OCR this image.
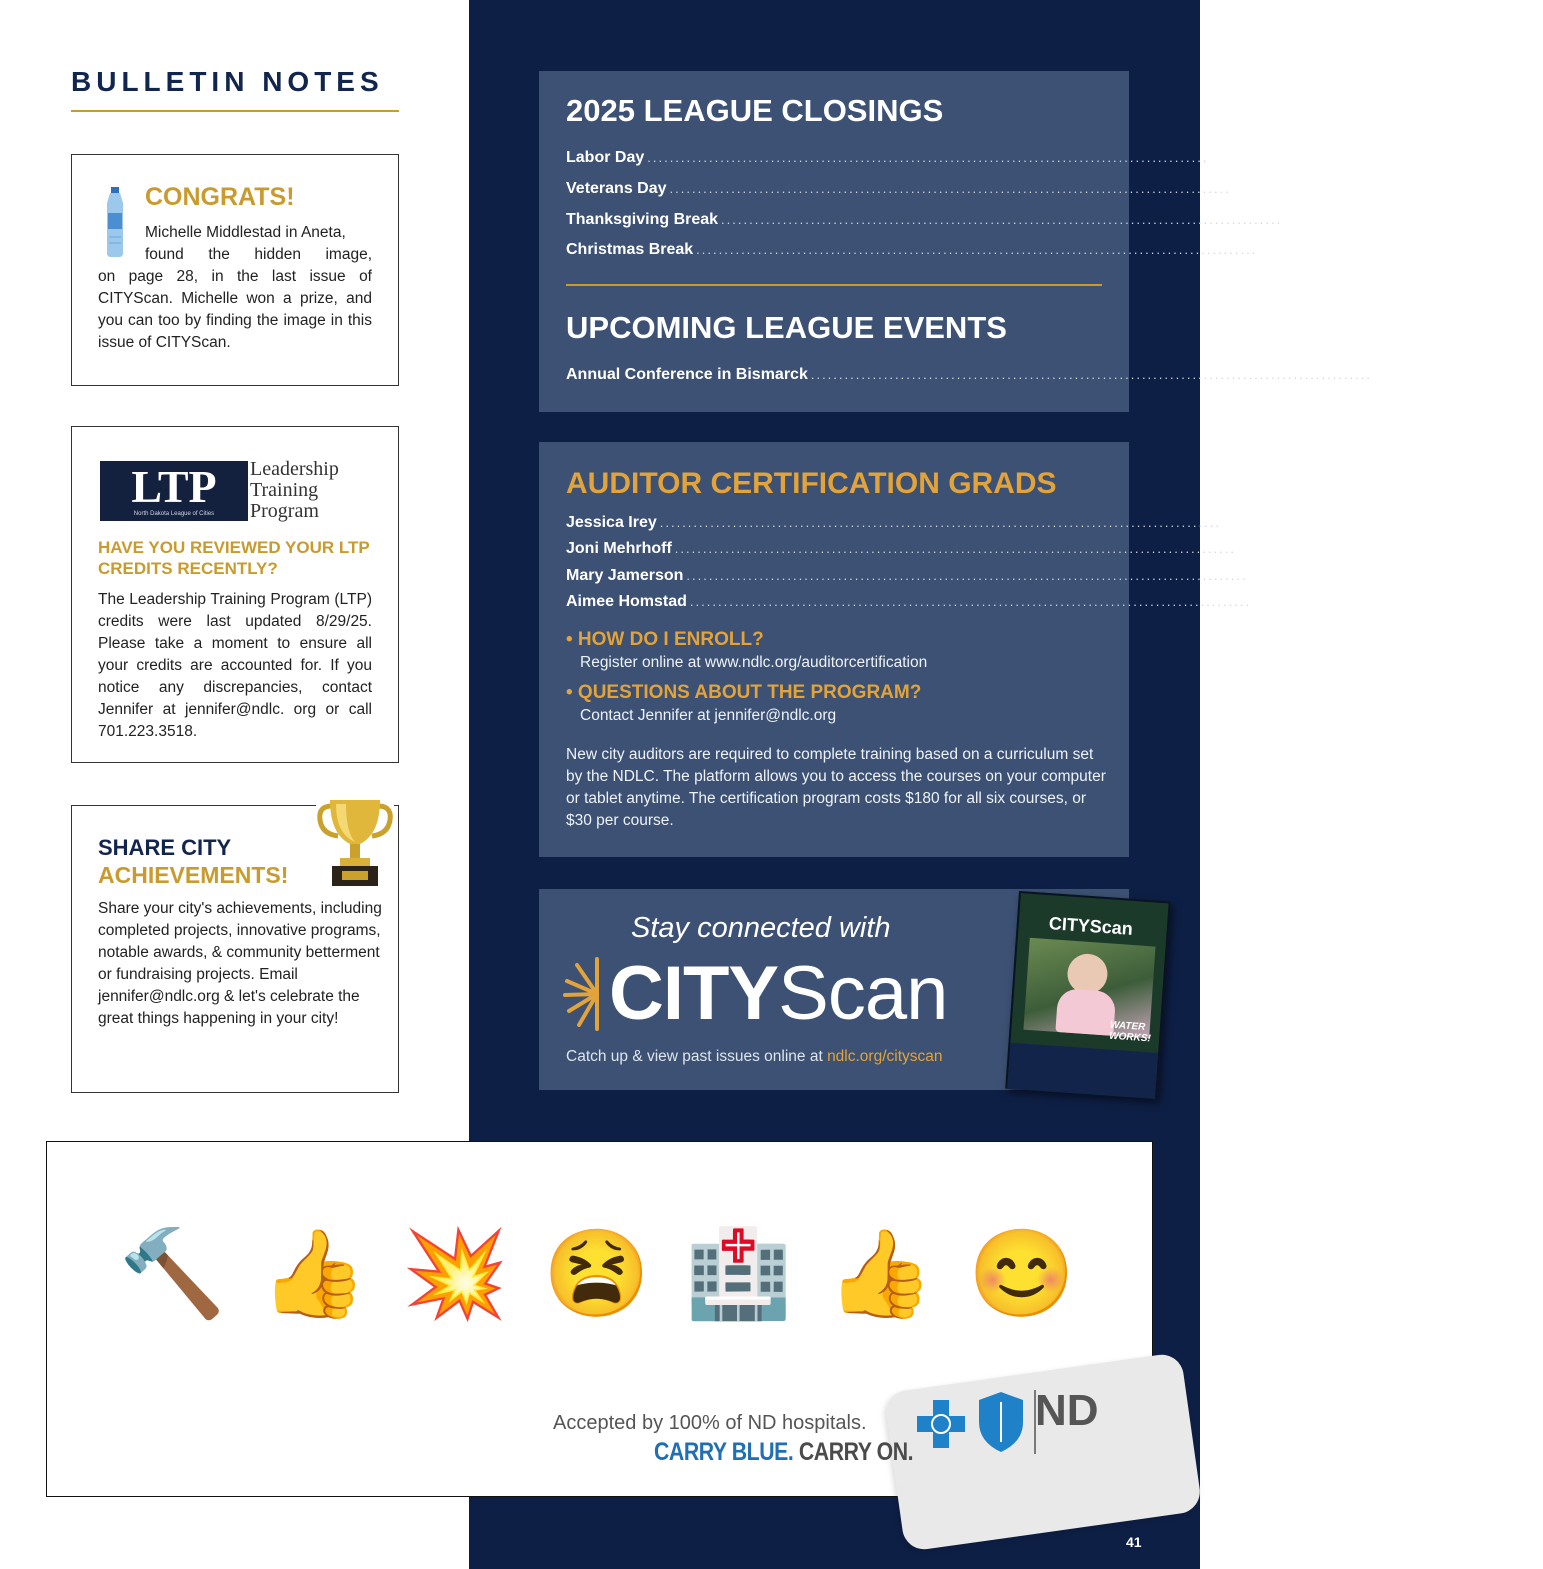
BULLETIN NOTES
CONGRATS!

Michelle Middlestad in Aneta,
found the hidden image,
on page 28, in the last issue of CITYScan. Michelle won a prize, and you can too by finding the image in this issue of CITYScan.

LTP
North Dakota League of Cities
Leadership
Training
Program
HAVE YOU REVIEWED YOUR LTP CREDITS RECENTLY?

The Leadership Training Program (LTP) credits were last updated 8/29/25. Please take a moment to ensure all your credits are accounted for. If you notice any discrepancies, contact Jennifer at jennifer@ndlc. org or call 701.223.3518.

SHARE CITY
ACHIEVEMENTS!

Share your city's achievements, including completed projects, innovative programs, notable awards, & community betterment or fundraising projects. Email jennifer@ndlc.org & let's celebrate the great things happening in your city!

2025 LEAGUE CLOSINGS
Labor Day .................................................................................................... September 1
Veterans Day .................................................................................................... Nov 11
Thanksgiving Break .................................................................................................... Nov 27-28
Christmas Break .................................................................................................... Dec 24-25
UPCOMING LEAGUE EVENTS
Annual Conference in Bismarck .................................................................................................... September 17-19, 2025
AUDITOR CERTIFICATION GRADS
Jessica Irey .................................................................................................... Edgeley
Joni Mehrhoff .................................................................................................... Prairie Rose
Mary Jamerson .................................................................................................... Midwest Assistance Program
Aimee Homstad .................................................................................................... Cavalier
• HOW DO I ENROLL?
Register online at www.ndlc.org/auditorcertification
• QUESTIONS ABOUT THE PROGRAM?
Contact Jennifer at jennifer@ndlc.org

New city auditors are required to complete training based on a curriculum set by the NDLC. The platform allows you to access the courses on your computer or tablet anytime. The certification program costs $180 for all six courses, or $30 per course.

Stay connected with
CITYScan
Catch up & view past issues online at ndlc.org/cityscan
CITYScan
WATER WORKS!
🔨 👍 💥 😫 🏥 👍 😊
ND
Accepted by 100% of ND hospitals.
CARRY BLUE. CARRY ON.
41
